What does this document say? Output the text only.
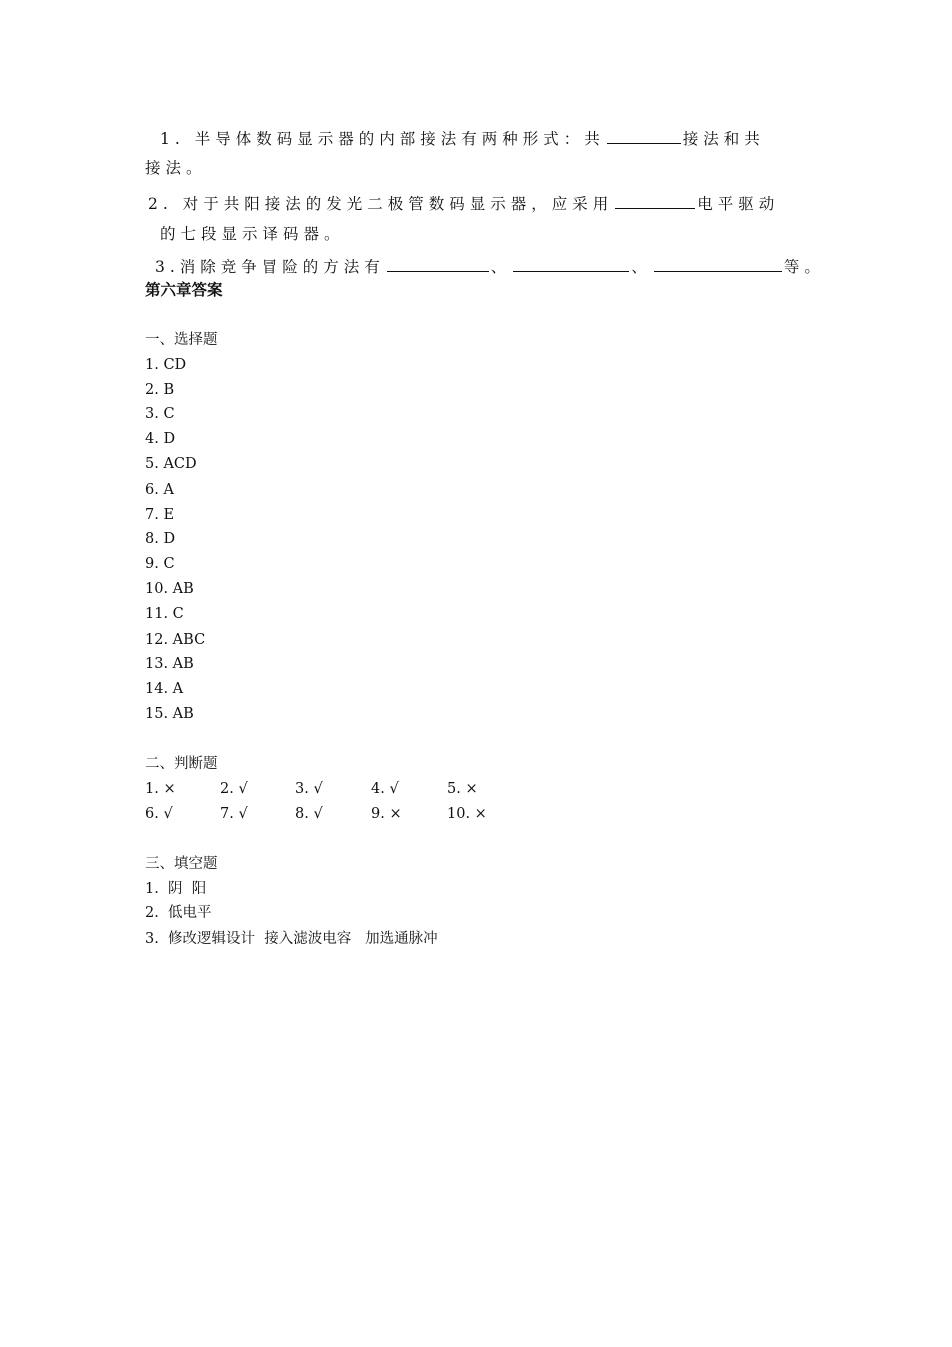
1. 半导体数码显示器的内部接法有两种形式：共	接法和共
接法。
2. 对于共阳接法的发光二极管数码显示器，应采用	电平驱动
的七段显示译码器。
3.消除竞争冒险的方法有	、	、	等。
第六章答案
一、选择题
1. CD
2. B
3. C
4. D
5. ACD
6. A
7. E
8. D
9. C
10. AB
11. C
12. ABC
13. AB
14. A
15. AB
二、判断题
1. ×	2. √	3. √	4. √	5. ×
6. √	7. √	8. √	9. ×	10. ×
三、填空题
1.  阴  阳
2.  低电平
3.  修改逻辑设计  接入滤波电容   加选通脉冲
